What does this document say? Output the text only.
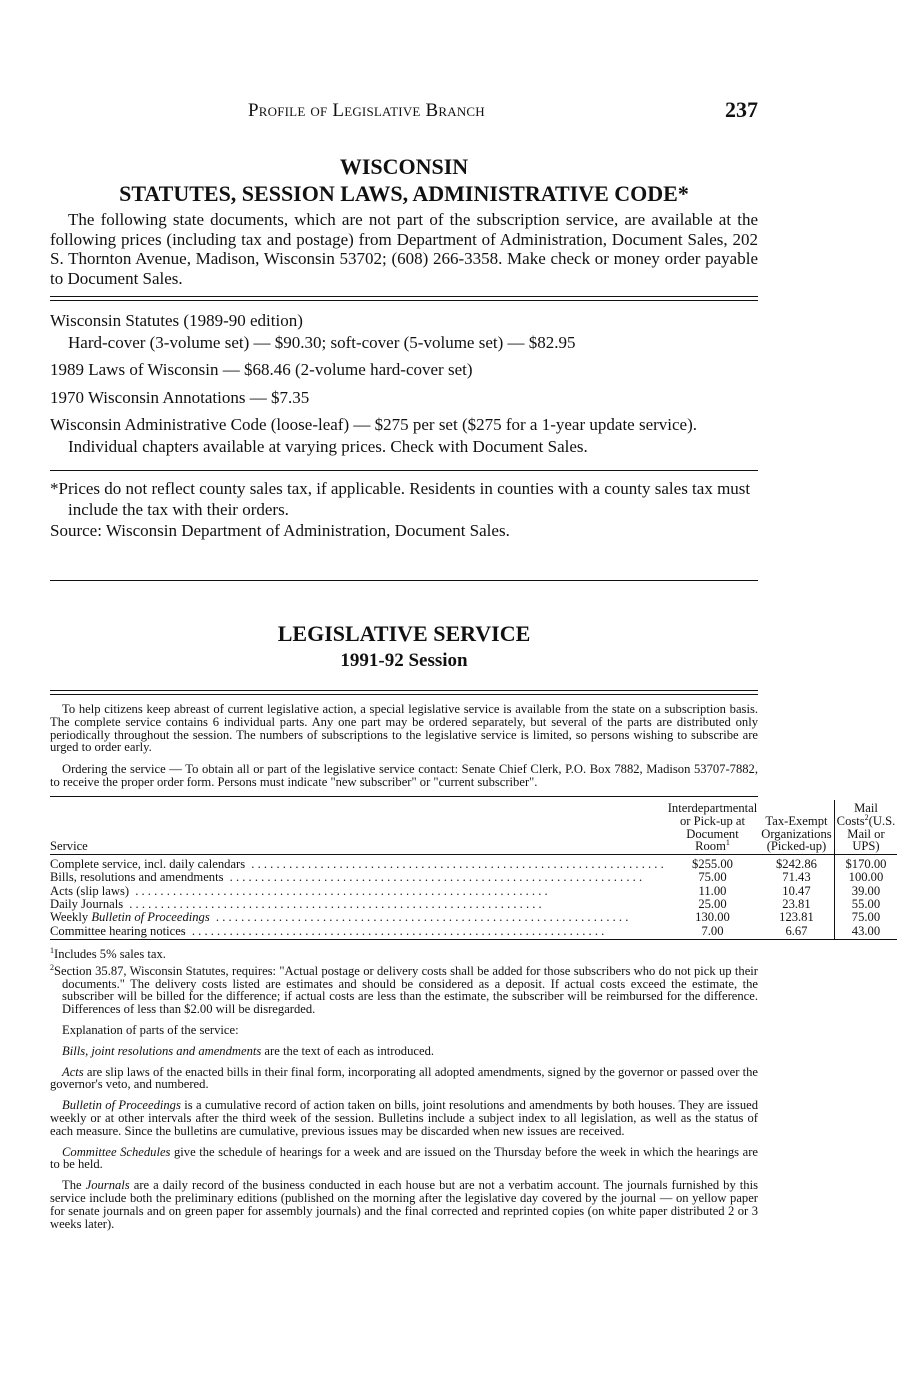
Profile of Legislative Branch	237

WISCONSIN

STATUTES, SESSION LAWS, ADMINISTRATIVE CODE*

The following state documents, which are not part of the subscription service, are available at the following prices (including tax and postage) from Department of Administration, Document Sales, 202 S. Thornton Avenue, Madison, Wisconsin 53702; (608) 266-3358. Make check or money order payable to Document Sales.

Wisconsin Statutes (1989-90 edition)

Hard-cover (3-volume set) — $90.30; soft-cover (5-volume set) — $82.95

1989 Laws of Wisconsin — $68.46 (2-volume hard-cover set)

1970 Wisconsin Annotations — $7.35

Wisconsin Administrative Code (loose-leaf) — $275 per set ($275 for a 1-year update service). Individual chapters available at varying prices. Check with Document Sales.

*Prices do not reflect county sales tax, if applicable. Residents in counties with a county sales tax must include the tax with their orders.

Source: Wisconsin Department of Administration, Document Sales.

LEGISLATIVE SERVICE

1991-92 Session

To help citizens keep abreast of current legislative action, a special legislative service is available from the state on a subscription basis. The complete service contains 6 individual parts. Any one part may be ordered separately, but several of the parts are distributed only periodically throughout the session. The numbers of subscriptions to the legislative service is limited, so persons wishing to subscribe are urged to order early.

Ordering the service — To obtain all or part of the legislative service contact: Senate Chief Clerk, P.O. Box 7882, Madison 53707-7882, to receive the proper order form. Persons must indicate "new subscriber" or "current subscriber".

Service	Interdepartmental or Pick-up at Document Room$^1$	Tax-Exempt Organizations (Picked-up)	Mail Costs$^2$(U.S. Mail or UPS)

Complete service, incl. daily calendars . . .	$255.00	$242.86	$170.00

Bills, resolutions and amendments . . .	75.00	71.43	100.00

Acts (slip laws) . . .	11.00	10.47	39.00

Daily Journals . . .	25.00	23.81	55.00

Weekly Bulletin of Proceedings . . .	130.00	123.81	75.00

Committee hearing notices . . .	7.00	6.67	43.00

$^1$Includes 5% sales tax.

$^2$Section 35.87, Wisconsin Statutes, requires: "Actual postage or delivery costs shall be added for those subscribers who do not pick up their documents." The delivery costs listed are estimates and should be considered as a deposit. If actual costs exceed the estimate, the subscriber will be billed for the difference; if actual costs are less than the estimate, the subscriber will be reimbursed for the difference. Differences of less than $2.00 will be disregarded.

Explanation of parts of the service:

Bills, joint resolutions and amendments are the text of each as introduced.

Acts are slip laws of the enacted bills in their final form, incorporating all adopted amendments, signed by the governor or passed over the governor's veto, and numbered.

Bulletin of Proceedings is a cumulative record of action taken on bills, joint resolutions and amendments by both houses. They are issued weekly or at other intervals after the third week of the session. Bulletins include a subject index to all legislation, as well as the status of each measure. Since the bulletins are cumulative, previous issues may be discarded when new issues are received.

Committee Schedules give the schedule of hearings for a week and are issued on the Thursday before the week in which the hearings are to be held.

The Journals are a daily record of the business conducted in each house but are not a verbatim account. The journals furnished by this service include both the preliminary editions (published on the morning after the legislative day covered by the journal — on yellow paper for senate journals and on green paper for assembly journals) and the final corrected and reprinted copies (on white paper distributed 2 or 3 weeks later).
